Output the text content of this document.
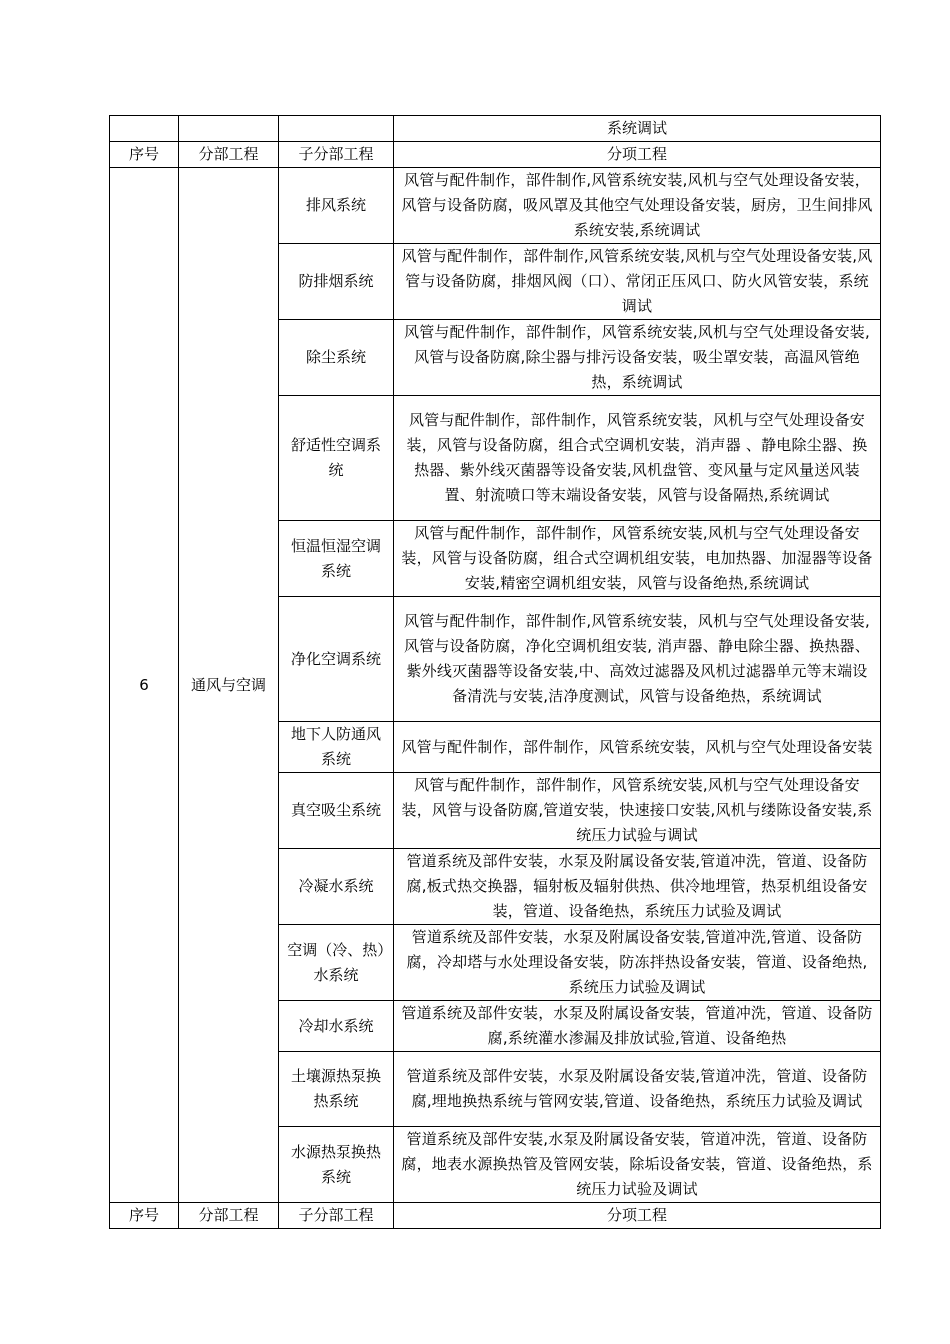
			系统调试
序号	分部工程	子分部工程	分项工程
6	通风与空调	排风系统	风管与配件制作，部件制作,风管系统安装,风机与空气处理设备安装，风管与设备防腐，吸风罩及其他空气处理设备安装，厨房，卫生间排风系统安装,系统调试
		防排烟系统	风管与配件制作，部件制作,风管系统安装,风机与空气处理设备安装,风管与设备防腐，排烟风阀（口）、常闭正压风口、防火风管安装，系统调试
		除尘系统	风管与配件制作，部件制作，风管系统安装,风机与空气处理设备安装,风管与设备防腐,除尘器与排污设备安装，吸尘罩安装，高温风管绝热，系统调试
		舒适性空调系统	风管与配件制作，部件制作，风管系统安装，风机与空气处理设备安装，风管与设备防腐，组合式空调机安装，消声器 、静电除尘器、换热器、紫外线灭菌器等设备安装,风机盘管、变风量与定风量送风装置、射流喷口等末端设备安装，风管与设备隔热,系统调试
		恒温恒湿空调系统	风管与配件制作，部件制作，风管系统安装,风机与空气处理设备安装，风管与设备防腐，组合式空调机组安装，电加热器、加湿器等设备安装,精密空调机组安装，风管与设备绝热,系统调试
		净化空调系统	风管与配件制作，部件制作,风管系统安装，风机与空气处理设备安装,风管与设备防腐，净化空调机组安装, 消声器、静电除尘器、换热器、紫外线灭菌器等设备安装,中、高效过滤器及风机过滤器单元等末端设备清洗与安装,洁净度测试，风管与设备绝热，系统调试
		地下人防通风系统	风管与配件制作，部件制作，风管系统安装，风机与空气处理设备安装
		真空吸尘系统	风管与配件制作，部件制作，风管系统安装,风机与空气处理设备安装，风管与设备防腐,管道安装，快速接口安装,风机与缕陈设备安装,系统压力试验与调试
		冷凝水系统	管道系统及部件安装，水泵及附属设备安装,管道冲洗，管道、设备防腐,板式热交换器，辐射板及辐射供热、供冷地埋管，热泵机组设备安装，管道、设备绝热，系统压力试验及调试
		空调（冷、热）水系统	管道系统及部件安装，水泵及附属设备安装,管道冲洗,管道、设备防腐，冷却塔与水处理设备安装，防冻拌热设备安装，管道、设备绝热,系统压力试验及调试
		冷却水系统	管道系统及部件安装，水泵及附属设备安装，管道冲洗，管道、设备防腐,系统灌水渗漏及排放试验,管道、设备绝热
		土壤源热泵换热系统	管道系统及部件安装，水泵及附属设备安装,管道冲洗，管道、设备防腐,埋地换热系统与管网安装,管道、设备绝热，系统压力试验及调试
		水源热泵换热系统	管道系统及部件安装,水泵及附属设备安装，管道冲洗，管道、设备防腐，地表水源换热管及管网安装，除垢设备安装，管道、设备绝热，系统压力试验及调试
序号	分部工程	子分部工程	分项工程
